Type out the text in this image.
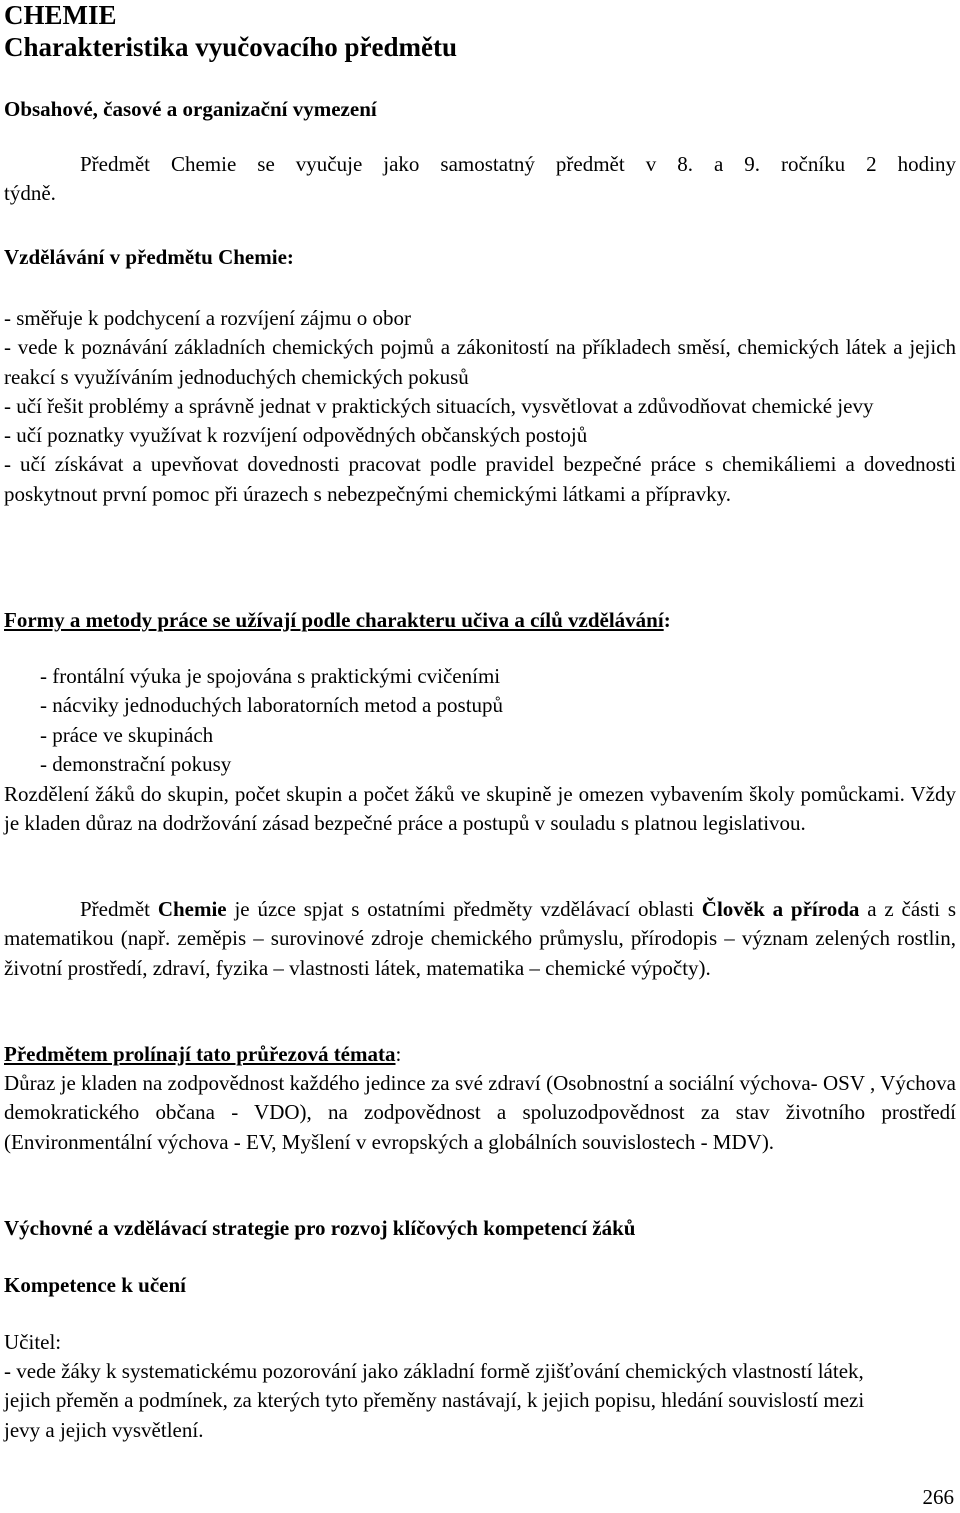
CHEMIE
Charakteristika vyučovacího předmětu
Obsahové, časové a organizační vymezení
Předmět Chemie se vyučuje jako samostatný předmět v 8. a 9. ročníku 2 hodiny
týdně.
Vzdělávání v předmětu Chemie:
- směřuje k podchycení a rozvíjení zájmu o obor
- vede k poznávání základních chemických pojmů a zákonitostí na příkladech směsí, chemických látek a jejich reakcí s využíváním jednoduchých chemických pokusů
- učí řešit problémy a správně jednat v praktických situacích, vysvětlovat a zdůvodňovat chemické jevy
- učí poznatky využívat k rozvíjení odpovědných občanských postojů
- učí získávat a upevňovat dovednosti pracovat podle pravidel bezpečné práce s chemikáliemi a dovednosti poskytnout první pomoc při úrazech s nebezpečnými chemickými látkami a přípravky.
Formy a metody práce se užívají podle charakteru učiva a cílů vzdělávání:
- frontální výuka je spojována s praktickými cvičeními
- nácviky jednoduchých laboratorních metod a postupů
- práce ve skupinách
- demonstrační pokusy
Rozdělení žáků do skupin, počet skupin a počet žáků ve skupině je omezen vybavením školy pomůckami. Vždy je kladen důraz na dodržování zásad bezpečné práce a postupů v souladu s platnou legislativou.
Předmět Chemie je úzce spjat s ostatními předměty vzdělávací oblasti Člověk a příroda a z části s matematikou (např. zeměpis – surovinové zdroje chemického průmyslu, přírodopis – význam zelených rostlin, životní prostředí, zdraví, fyzika – vlastnosti látek, matematika – chemické výpočty).
Předmětem prolínají tato průřezová témata:
Důraz je kladen na zodpovědnost každého jedince za své zdraví (Osobnostní a sociální výchova- OSV , Výchova demokratického občana - VDO), na zodpovědnost a spoluzodpovědnost za stav životního prostředí (Environmentální výchova - EV, Myšlení v evropských a globálních souvislostech - MDV).
Výchovné a vzdělávací strategie pro rozvoj klíčových kompetencí žáků
Kompetence k učení
Učitel:
- vede žáky k systematickému pozorování jako základní formě zjišťování chemických vlastností látek, jejich přeměn a podmínek, za kterých tyto přeměny nastávají, k jejich popisu, hledání souvislostí mezi jevy a jejich vysvětlení.
266
